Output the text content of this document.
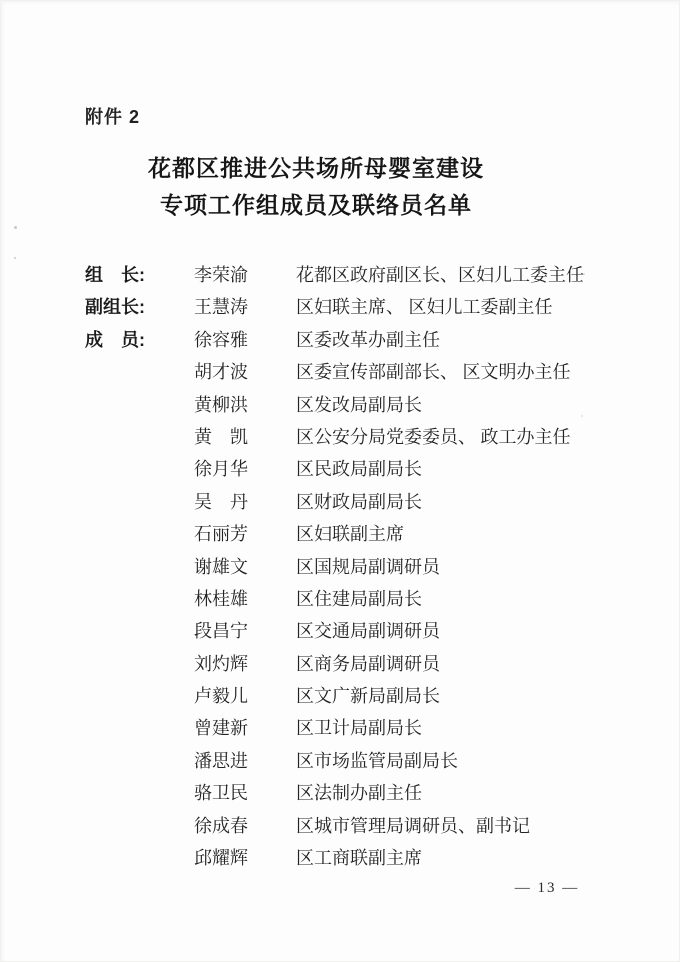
附件 2
花都区推进公共场所母婴室建设
专项工作组成员及联络员名单
组　长:	李荣渝	花都区政府副区长、区妇儿工委主任
副组长:	王慧涛	区妇联主席、 区妇儿工委副主任
成　员:	徐容雅	区委改革办副主任
胡才波	区委宣传部副部长、 区文明办主任
黄柳洪	区发改局副局长
黄　凯	区公安分局党委委员、 政工办主任
徐月华	区民政局副局长
吴　丹	区财政局副局长
石丽芳	区妇联副主席
谢雄文	区国规局副调研员
林桂雄	区住建局副局长
段昌宁	区交通局副调研员
刘灼辉	区商务局副调研员
卢毅儿	区文广新局副局长
曾建新	区卫计局副局长
潘思进	区市场监管局副局长
骆卫民	区法制办副主任
徐成春	区城市管理局调研员、副书记
邱耀辉	区工商联副主席
— 13 —
